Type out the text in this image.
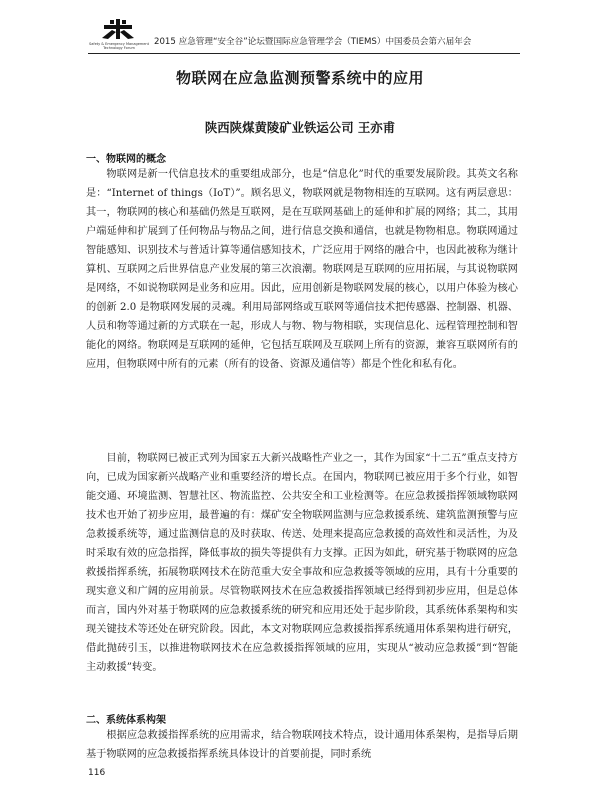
Safety & Emergency Management Technology Forum
2015 应急管理“安全谷”论坛暨国际应急管理学会（TIEMS）中国委员会第六届年会
物联网在应急监测预警系统中的应用
陕西陕煤黄陵矿业铁运公司 王亦甫
一、物联网的概念

物联网是新一代信息技术的重要组成部分，也是“信息化”时代的重要发展阶段。其英文名称是：“Internet of things（IoT）”。顾名思义，物联网就是物物相连的互联网。这有两层意思：其一，物联网的核心和基础仍然是互联网，是在互联网基础上的延伸和扩展的网络；其二，其用户端延伸和扩展到了任何物品与物品之间，进行信息交换和通信，也就是物物相息。物联网通过智能感知、识别技术与普适计算等通信感知技术，广泛应用于网络的融合中，也因此被称为继计算机、互联网之后世界信息产业发展的第三次浪潮。物联网是互联网的应用拓展，与其说物联网是网络，不如说物联网是业务和应用。因此，应用创新是物联网发展的核心，以用户体验为核心的创新 2.0 是物联网发展的灵魂。利用局部网络或互联网等通信技术把传感器、控制器、机器、人员和物等通过新的方式联在一起，形成人与物、物与物相联，实现信息化、远程管理控制和智能化的网络。物联网是互联网的延伸，它包括互联网及互联网上所有的资源，兼容互联网所有的应用，但物联网中所有的元素（所有的设备、资源及通信等）都是个性化和私有化。

目前，物联网已被正式列为国家五大新兴战略性产业之一，其作为国家“十二五”重点支持方向，已成为国家新兴战略产业和重要经济的增长点。在国内，物联网已被应用于多个行业，如智能交通、环境监测、智慧社区、物流监控、公共安全和工业检测等。在应急救援指挥领域物联网技术也开始了初步应用，最普遍的有：煤矿安全物联网监测与应急救援系统、建筑监测预警与应急救援系统等，通过监测信息的及时获取、传送、处理来提高应急救援的高效性和灵活性，为及时采取有效的应急指挥，降低事故的损失等提供有力支撑。正因为如此，研究基于物联网的应急救援指挥系统，拓展物联网技术在防范重大安全事故和应急救援等领域的应用，具有十分重要的现实意义和广阔的应用前景。尽管物联网技术在应急救援指挥领域已经得到初步应用，但是总体而言，国内外对基于物联网的应急救援系统的研究和应用还处于起步阶段，其系统体系架构和实现关键技术等还处在研究阶段。因此，本文对物联网应急救援指挥系统通用体系架构进行研究，借此抛砖引玉，以推进物联网技术在应急救援指挥领域的应用，实现从“被动应急救援”到“智能主动救援”转变。

二、系统体系构架

根据应急救援指挥系统的应用需求，结合物联网技术特点，设计通用体系架构，是指导后期基于物联网的应急救援指挥系统具体设计的首要前提，同时系统

116
